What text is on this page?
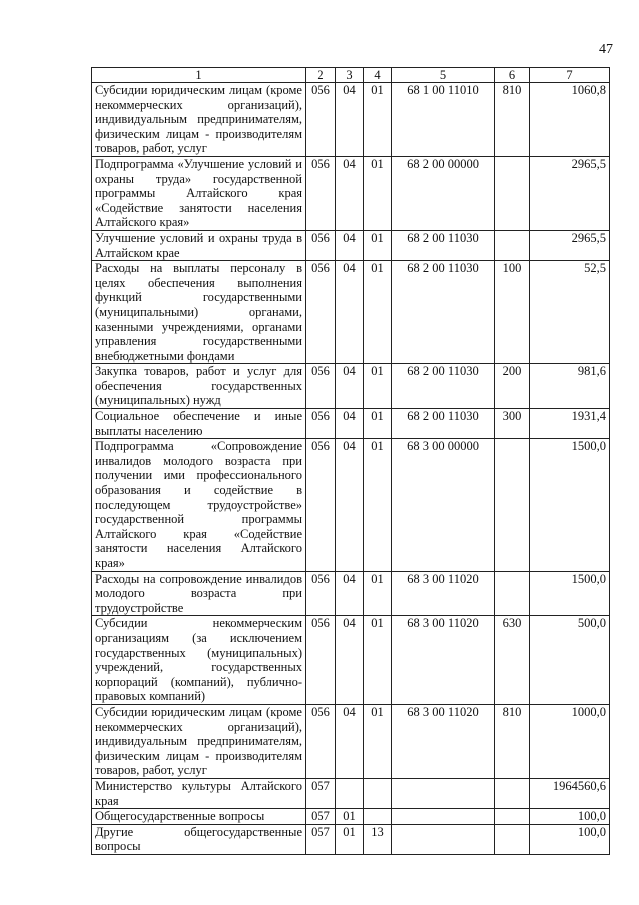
47
1	2	3	4	5	6	7
Субсидии юридическим лицам (кроме некоммерческих организаций), индивидуальным предпринимателям, физическим лицам - производителям товаров, работ, услуг	056	04	01	68 1 00 11010	810	1060,8
Подпрограмма «Улучшение условий и охраны труда» государственной программы Алтайского края «Содействие занятости населения Алтайского края»	056	04	01	68 2 00 00000		2965,5
Улучшение условий и охраны труда в Алтайском крае	056	04	01	68 2 00 11030		2965,5
Расходы на выплаты персоналу в целях обеспечения выполнения функций государственными (муниципальными) органами, казенными учреждениями, органами управления государственными внебюджетными фондами	056	04	01	68 2 00 11030	100	52,5
Закупка товаров, работ и услуг для обеспечения государственных (муниципальных) нужд	056	04	01	68 2 00 11030	200	981,6
Социальное обеспечение и иные выплаты населению	056	04	01	68 2 00 11030	300	1931,4
Подпрограмма «Сопровождение инвалидов молодого возраста при получении ими профессионального образования и содействие в последующем трудоустройстве» государственной программы Алтайского края «Содействие занятости населения Алтайского края»	056	04	01	68 3 00 00000		1500,0
Расходы на сопровождение инвалидов молодого возраста при трудоустройстве	056	04	01	68 3 00 11020		1500,0
Субсидии некоммерческим организациям (за исключением государственных (муниципальных) учреждений, государственных корпораций (компаний), публично-правовых компаний)	056	04	01	68 3 00 11020	630	500,0
Субсидии юридическим лицам (кроме некоммерческих организаций), индивидуальным предпринимателям, физическим лицам - производителям товаров, работ, услуг	056	04	01	68 3 00 11020	810	1000,0
Министерство культуры Алтайского края	057					1964560,6
Общегосударственные вопросы	057	01				100,0
Другие общегосударственные вопросы	057	01	13			100,0
